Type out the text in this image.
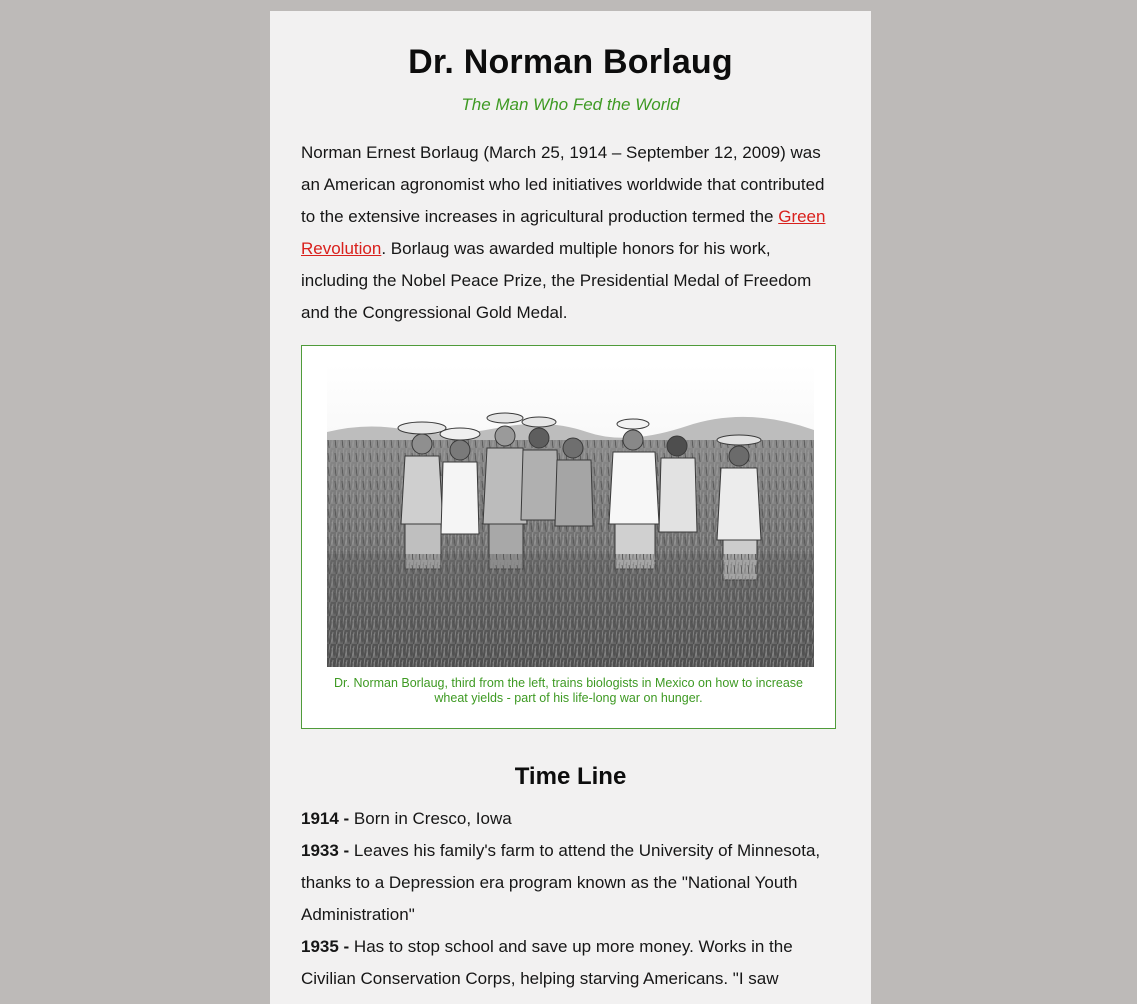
Dr. Norman Borlaug
The Man Who Fed the World

Norman Ernest Borlaug (March 25, 1914 – September 12, 2009) was an American agronomist who led initiatives worldwide that contributed to the extensive increases in agricultural production termed the Green Revolution. Borlaug was awarded multiple honors for his work, including the Nobel Peace Prize, the Presidential Medal of Freedom and the Congressional Gold Medal.

Dr. Norman Borlaug, third from the left, trains biologists in Mexico on how to increase wheat yields - part of his life-long war on hunger.
Time Line

1914 - Born in Cresco, Iowa

1933 - Leaves his family's farm to attend the University of Minnesota, thanks to a Depression era program known as the "National Youth Administration"

1935 - Has to stop school and save up more money. Works in the Civilian Conservation Corps, helping starving Americans. "I saw
